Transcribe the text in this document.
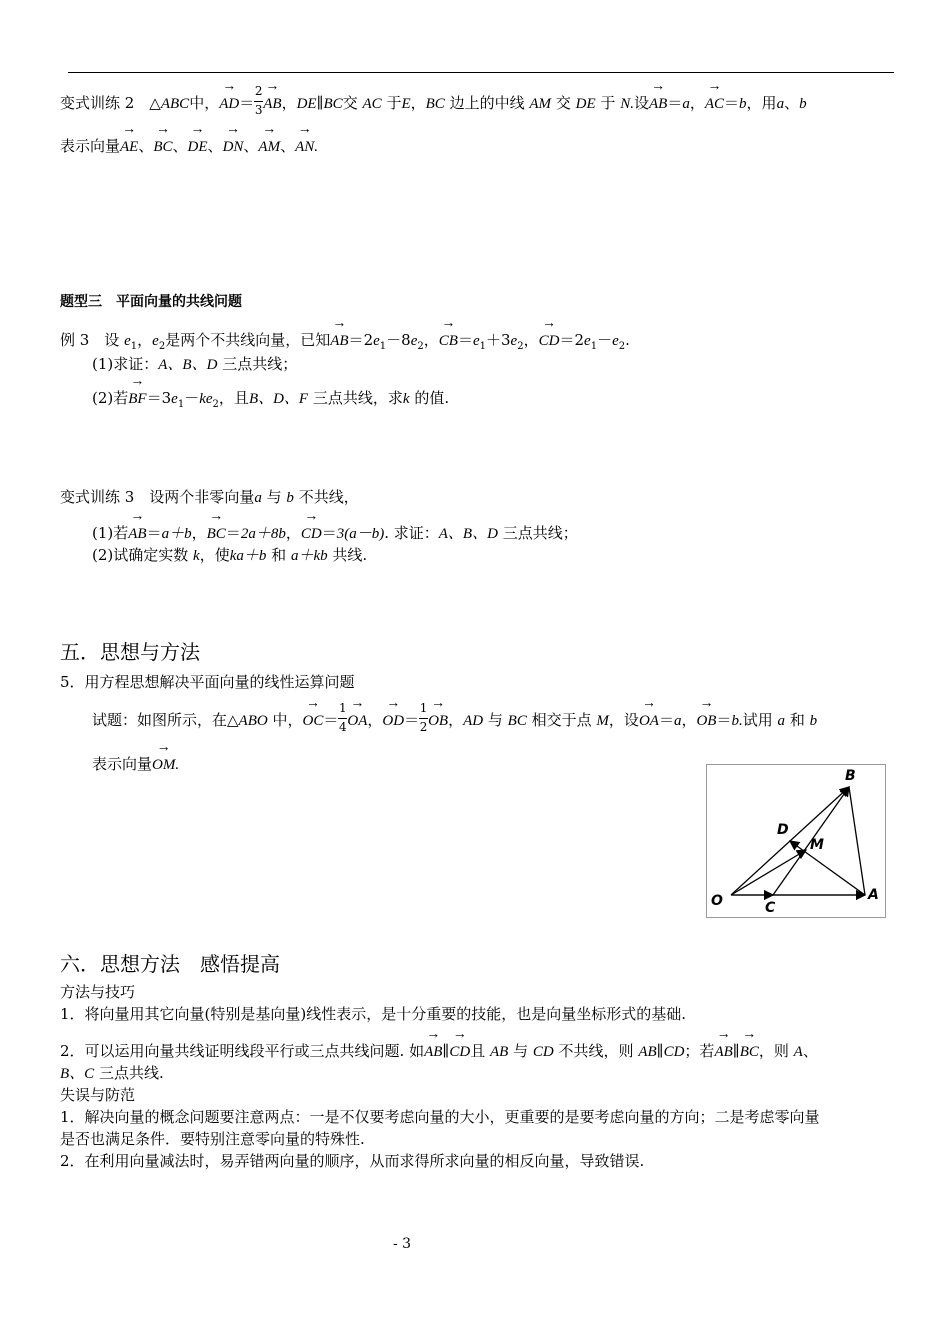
变式训练 2　△ABC中，→ $AD= \frac{2}{3}$ → AB，DE∥BC交 AC 于E，BC 边上的中线 AM 交 DE 于 N.设→ AB＝a，→ AC＝b，用a、b
表示向量→ AE、→ BC、→ DE、→ DN、→ AM、→ AN.
题型三　平面向量的共线问题
例 3　设 $e_1$，$e_2$是两个不共线向量，已知→ $AB=2e_1-8e_2$，→ $CB=e_1+3e_2$，→ $CD=2e_1-e_2$.
(1)求证：A、B、D 三点共线；
(2)若→ $BF=3e_1-ke_2$，且B、D、F 三点共线，求k 的值.
变式训练 3　设两个非零向量a 与 b 不共线，
(1)若→ AB＝a＋b，→ BC＝2a＋8b，→ CD＝3(a－b). 求证：A、B、D 三点共线；
(2)试确定实数 k，使ka＋b 和 a＋kb 共线.
五．思想与方法
5．用方程思想解决平面向量的线性运算问题
试题：如图所示，在△ABO 中，→ $OC= \frac{1}{4}$ → OA，→ $OD= \frac{1}{2}$ → OB，AD 与 BC 相交于点 M，设→ OA＝a，→ OB＝b.试用 a 和 b
表示向量→ OM.
O	C
A
B
D
M
六．思想方法　感悟提高
方法与技巧
1．将向量用其它向量(特别是基向量)线性表示，是十分重要的技能，也是向量坐标形式的基础.
2．可以运用向量共线证明线段平行或三点共线问题. 如→ AB∥→ CD且 AB 与 CD 不共线，则 AB∥CD；若→ AB∥→ BC，则 A、
B、C 三点共线.
失误与防范
1．解决向量的概念问题要注意两点：一是不仅要考虑向量的大小，更重要的是要考虑向量的方向；二是考虑零向量
是否也满足条件．要特别注意零向量的特殊性.
2．在利用向量减法时，易弄错两向量的顺序，从而求得所求向量的相反向量，导致错误.
- 3
